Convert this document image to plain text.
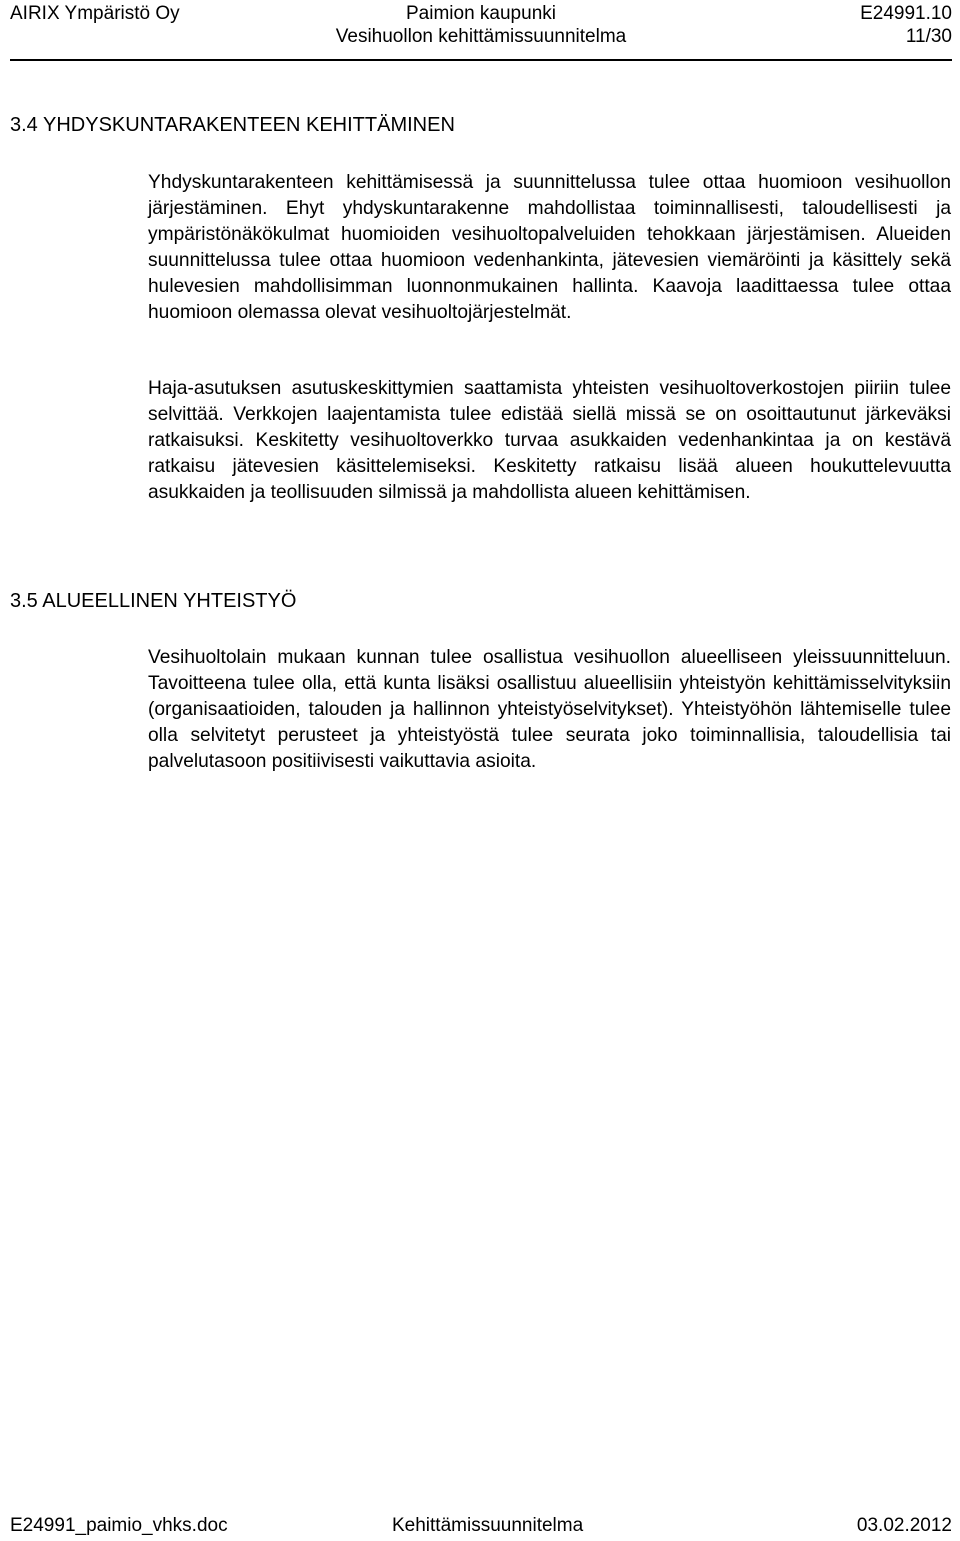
AIRIX Ympäristö Oy	Paimion kaupunki	E24991.10
Vesihuollon kehittämissuunnitelma	11/30
3.4 YHDYSKUNTARAKENTEEN KEHITTÄMINEN
Yhdyskuntarakenteen kehittämisessä ja suunnittelussa tulee ottaa huomioon vesihuollon järjestäminen. Ehyt yhdyskuntarakenne mahdollistaa toiminnallisesti, taloudellisesti ja ympäristönäkökulmat huomioiden vesihuoltopalveluiden tehokkaan järjestämisen. Alueiden suunnittelussa tulee ottaa huomioon vedenhankinta, jätevesien viemäröinti ja käsittely sekä hulevesien mahdollisimman luonnonmukainen hallinta. Kaavoja laadittaessa tulee ottaa huomioon olemassa olevat vesihuoltojärjestelmät.
Haja-asutuksen asutuskeskittymien saattamista yhteisten vesihuoltoverkostojen piiriin tulee selvittää. Verkkojen laajentamista tulee edistää siellä missä se on osoittautunut järkeväksi ratkaisuksi. Keskitetty vesihuoltoverkko turvaa asukkaiden vedenhankintaa ja on kestävä ratkaisu jätevesien käsittelemiseksi. Keskitetty ratkaisu lisää alueen houkuttelevuutta asukkaiden ja teollisuuden silmissä ja mahdollista alueen kehittämisen.
3.5 ALUEELLINEN YHTEISTYÖ
Vesihuoltolain mukaan kunnan tulee osallistua vesihuollon alueelliseen yleissuunnitteluun. Tavoitteena tulee olla, että kunta lisäksi osallistuu alueellisiin yhteistyön kehittämisselvityksiin (organisaatioiden, talouden ja hallinnon yhteistyöselvitykset). Yhteistyöhön lähtemiselle tulee olla selvitetyt perusteet ja yhteistyöstä tulee seurata joko toiminnallisia, taloudellisia tai palvelutasoon positiivisesti vaikuttavia asioita.
E24991_paimio_vhks.doc	Kehittämissuunnitelma	03.02.2012
